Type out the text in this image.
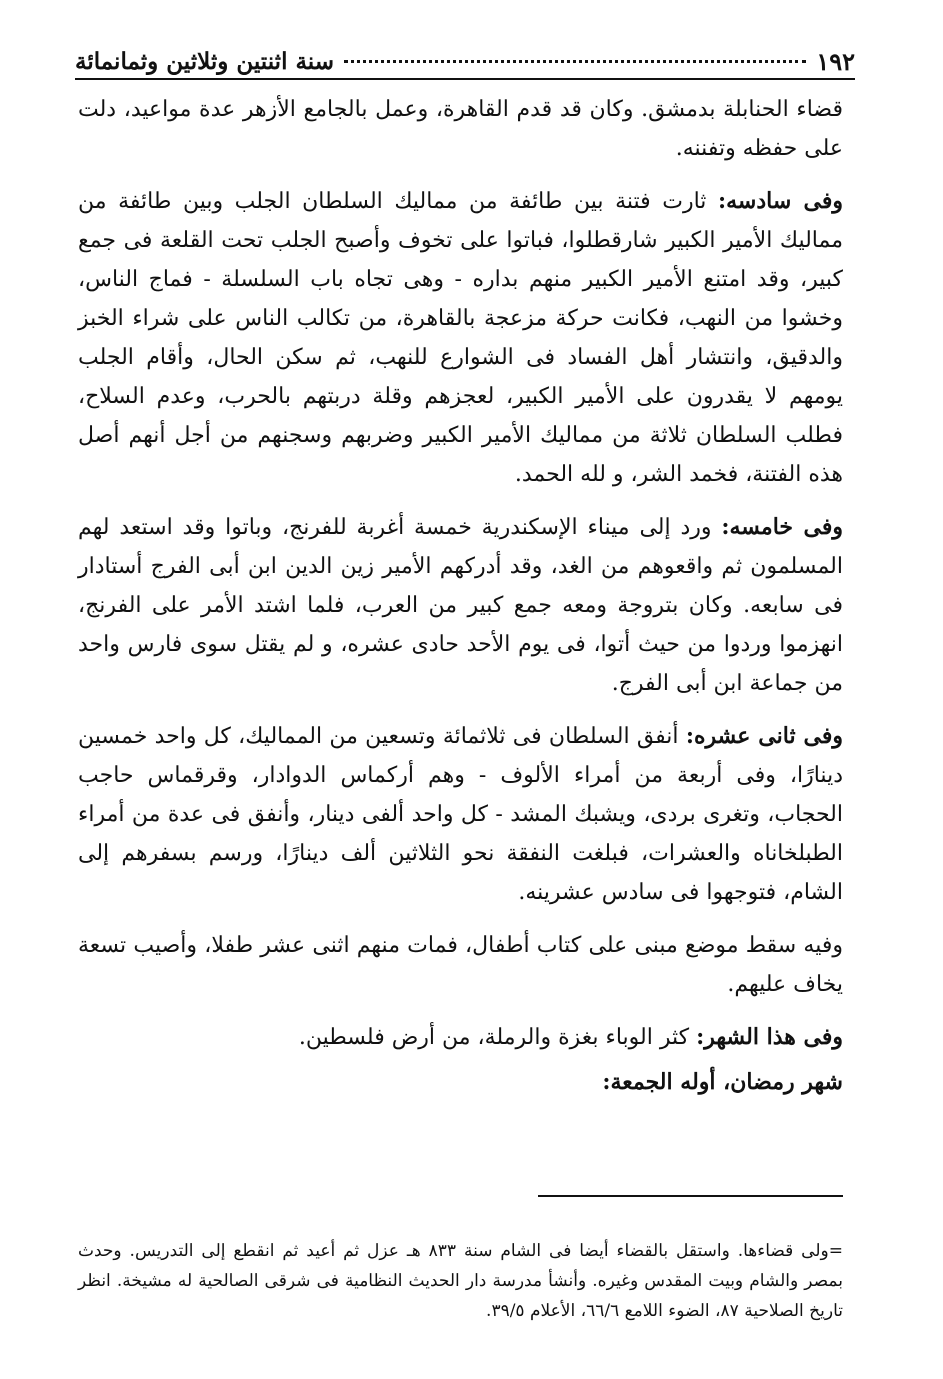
١٩٢
سنة اثنتين وثلاثين وثمانمائة

قضاء الحنابلة بدمشق. وكان قد قدم القاهرة، وعمل بالجامع الأزهر عدة مواعيد، دلت على حفظه وتفننه.

وفى سادسه: ثارت فتنة بين طائفة من مماليك السلطان الجلب وبين طائفة من مماليك الأمير الكبير شارقطلوا، فباتوا على تخوف وأصبح الجلب تحت القلعة فى جمع كبير، وقد امتنع الأمير الكبير منهم بداره - وهى تجاه باب السلسلة - فماج الناس، وخشوا من النهب، فكانت حركة مزعجة بالقاهرة، من تكالب الناس على شراء الخبز والدقيق، وانتشار أهل الفساد فى الشوارع للنهب، ثم سكن الحال، وأقام الجلب يومهم لا يقدرون على الأمير الكبير، لعجزهم وقلة دربتهم بالحرب، وعدم السلاح، فطلب السلطان ثلاثة من مماليك الأمير الكبير وضربهم وسجنهم من أجل أنهم أصل هذه الفتنة، فخمد الشر، و لله الحمد.

وفى خامسه: ورد إلى ميناء الإسكندرية خمسة أغربة للفرنج، وباتوا وقد استعد لهم المسلمون ثم واقعوهم من الغد، وقد أدركهم الأمير زين الدين ابن أبى الفرج أستادار فى سابعه. وكان بتروجة ومعه جمع كبير من العرب، فلما اشتد الأمر على الفرنج، انهزموا وردوا من حيث أتوا، فى يوم الأحد حادى عشره، و لم يقتل سوى فارس واحد من جماعة ابن أبى الفرج.

وفى ثانى عشره: أنفق السلطان فى ثلاثمائة وتسعين من المماليك، كل واحد خمسين دينارًا، وفى أربعة من أمراء الألوف - وهم أركماس الدوادار، وقرقماس حاجب الحجاب، وتغرى بردى، ويشبك المشد - كل واحد ألفى دينار، وأنفق فى عدة من أمراء الطبلخاناه والعشرات، فبلغت النفقة نحو الثلاثين ألف دينارًا، ورسم بسفرهم إلى الشام، فتوجهوا فى سادس عشرينه.

وفيه سقط موضع مبنى على كتاب أطفال، فمات منهم اثنى عشر طفلا، وأصيب تسعة يخاف عليهم.

وفى هذا الشهر: كثر الوباء بغزة والرملة، من أرض فلسطين.

شهر رمضان، أوله الجمعة:

=ولى قضاءها. واستقل بالقضاء أيضا فى الشام سنة ٨٣٣ هـ عزل ثم أعيد ثم انقطع إلى التدريس. وحدث بمصر والشام وبيت المقدس وغيره. وأنشأ مدرسة دار الحديث النظامية فى شرقى الصالحية له مشيخة. انظر تاريخ الصلاحية ٨٧، الضوء اللامع ٦٦/٦، الأعلام ٣٩/٥.
